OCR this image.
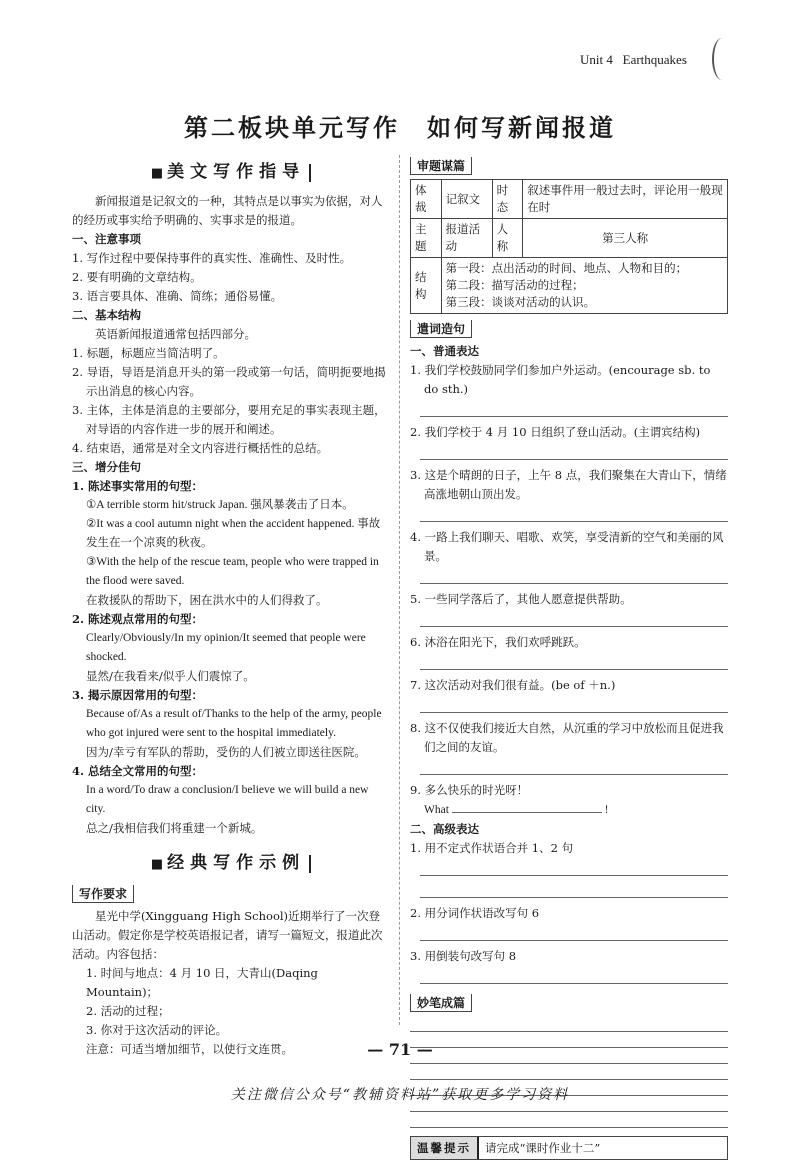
Unit 4 Earthquakes
第二板块单元写作　如何写新闻报道
■ 美文写作指导

新闻报道是记叙文的一种，其特点是以事实为依据，对人的经历或事实给予明确的、实事求是的报道。

一、注意事项

1. 写作过程中要保持事件的真实性、准确性、及时性。

2. 要有明确的文章结构。

3. 语言要具体、准确、简练；通俗易懂。

二、基本结构

英语新闻报道通常包括四部分。

1. 标题，标题应当简洁明了。

2. 导语，导语是消息开头的第一段或第一句话，简明扼要地揭示出消息的核心内容。

3. 主体，主体是消息的主要部分，要用充足的事实表现主题，对导语的内容作进一步的展开和阐述。

4. 结束语，通常是对全文内容进行概括性的总结。

三、增分佳句

1. 陈述事实常用的句型：

①A terrible storm hit/struck Japan. 强风暴袭击了日本。

②It was a cool autumn night when the accident happened. 事故发生在一个凉爽的秋夜。

③With the help of the rescue team, people who were trapped in the flood were saved.

在救援队的帮助下，困在洪水中的人们得救了。

2. 陈述观点常用的句型：

Clearly/Obviously/In my opinion/It seemed that people were shocked.

显然/在我看来/似乎人们震惊了。

3. 揭示原因常用的句型：

Because of/As a result of/Thanks to the help of the army, people who got injured were sent to the hospital immediately.

因为/幸亏有军队的帮助，受伤的人们被立即送往医院。

4. 总结全文常用的句型：

In a word/To draw a conclusion/I believe we will build a new city.

总之/我相信我们将重建一个新城。

■ 经典写作示例
写作要求

星光中学(Xingguang High School)近期举行了一次登山活动。假定你是学校英语报记者，请写一篇短文，报道此次活动。内容包括：

1. 时间与地点：4 月 10 日，大青山(Daqing Mountain)；

2. 活动的过程；

3. 你对于这次活动的评论。

注意：可适当增加细节，以使行文连贯。

审题谋篇
体裁	记叙文	时态	叙述事件用一般过去时，评论用一般现在时
主题	报道活动	人称	第三人称
结构	第一段：点出活动的时间、地点、人物和目的；
第二段：描写活动的过程；
第三段：谈谈对活动的认识。		
遣词造句

一、普通表达

1. 我们学校鼓励同学们参加户外运动。(encourage sb. to do sth.)

2. 我们学校于 4 月 10 日组织了登山活动。(主谓宾结构)

3. 这是个晴朗的日子，上午 8 点，我们聚集在大青山下，情绪高涨地朝山顶出发。

4. 一路上我们聊天、唱歌、欢笑，享受清新的空气和美丽的风景。

5. 一些同学落后了，其他人愿意提供帮助。

6. 沐浴在阳光下，我们欢呼跳跃。

7. 这次活动对我们很有益。(be of ＋n.)

8. 这不仅使我们接近大自然，从沉重的学习中放松而且促进我们之间的友谊。

9. 多么快乐的时光呀！

What	!

二、高级表达

1. 用不定式作状语合并 1、2 句

2. 用分词作状语改写句 6

3. 用倒装句改写句 8

妙笔成篇
温馨提示	请完成“课时作业十二”
— 71 —
关注微信公众号“教辅资料站”获取更多学习资料
